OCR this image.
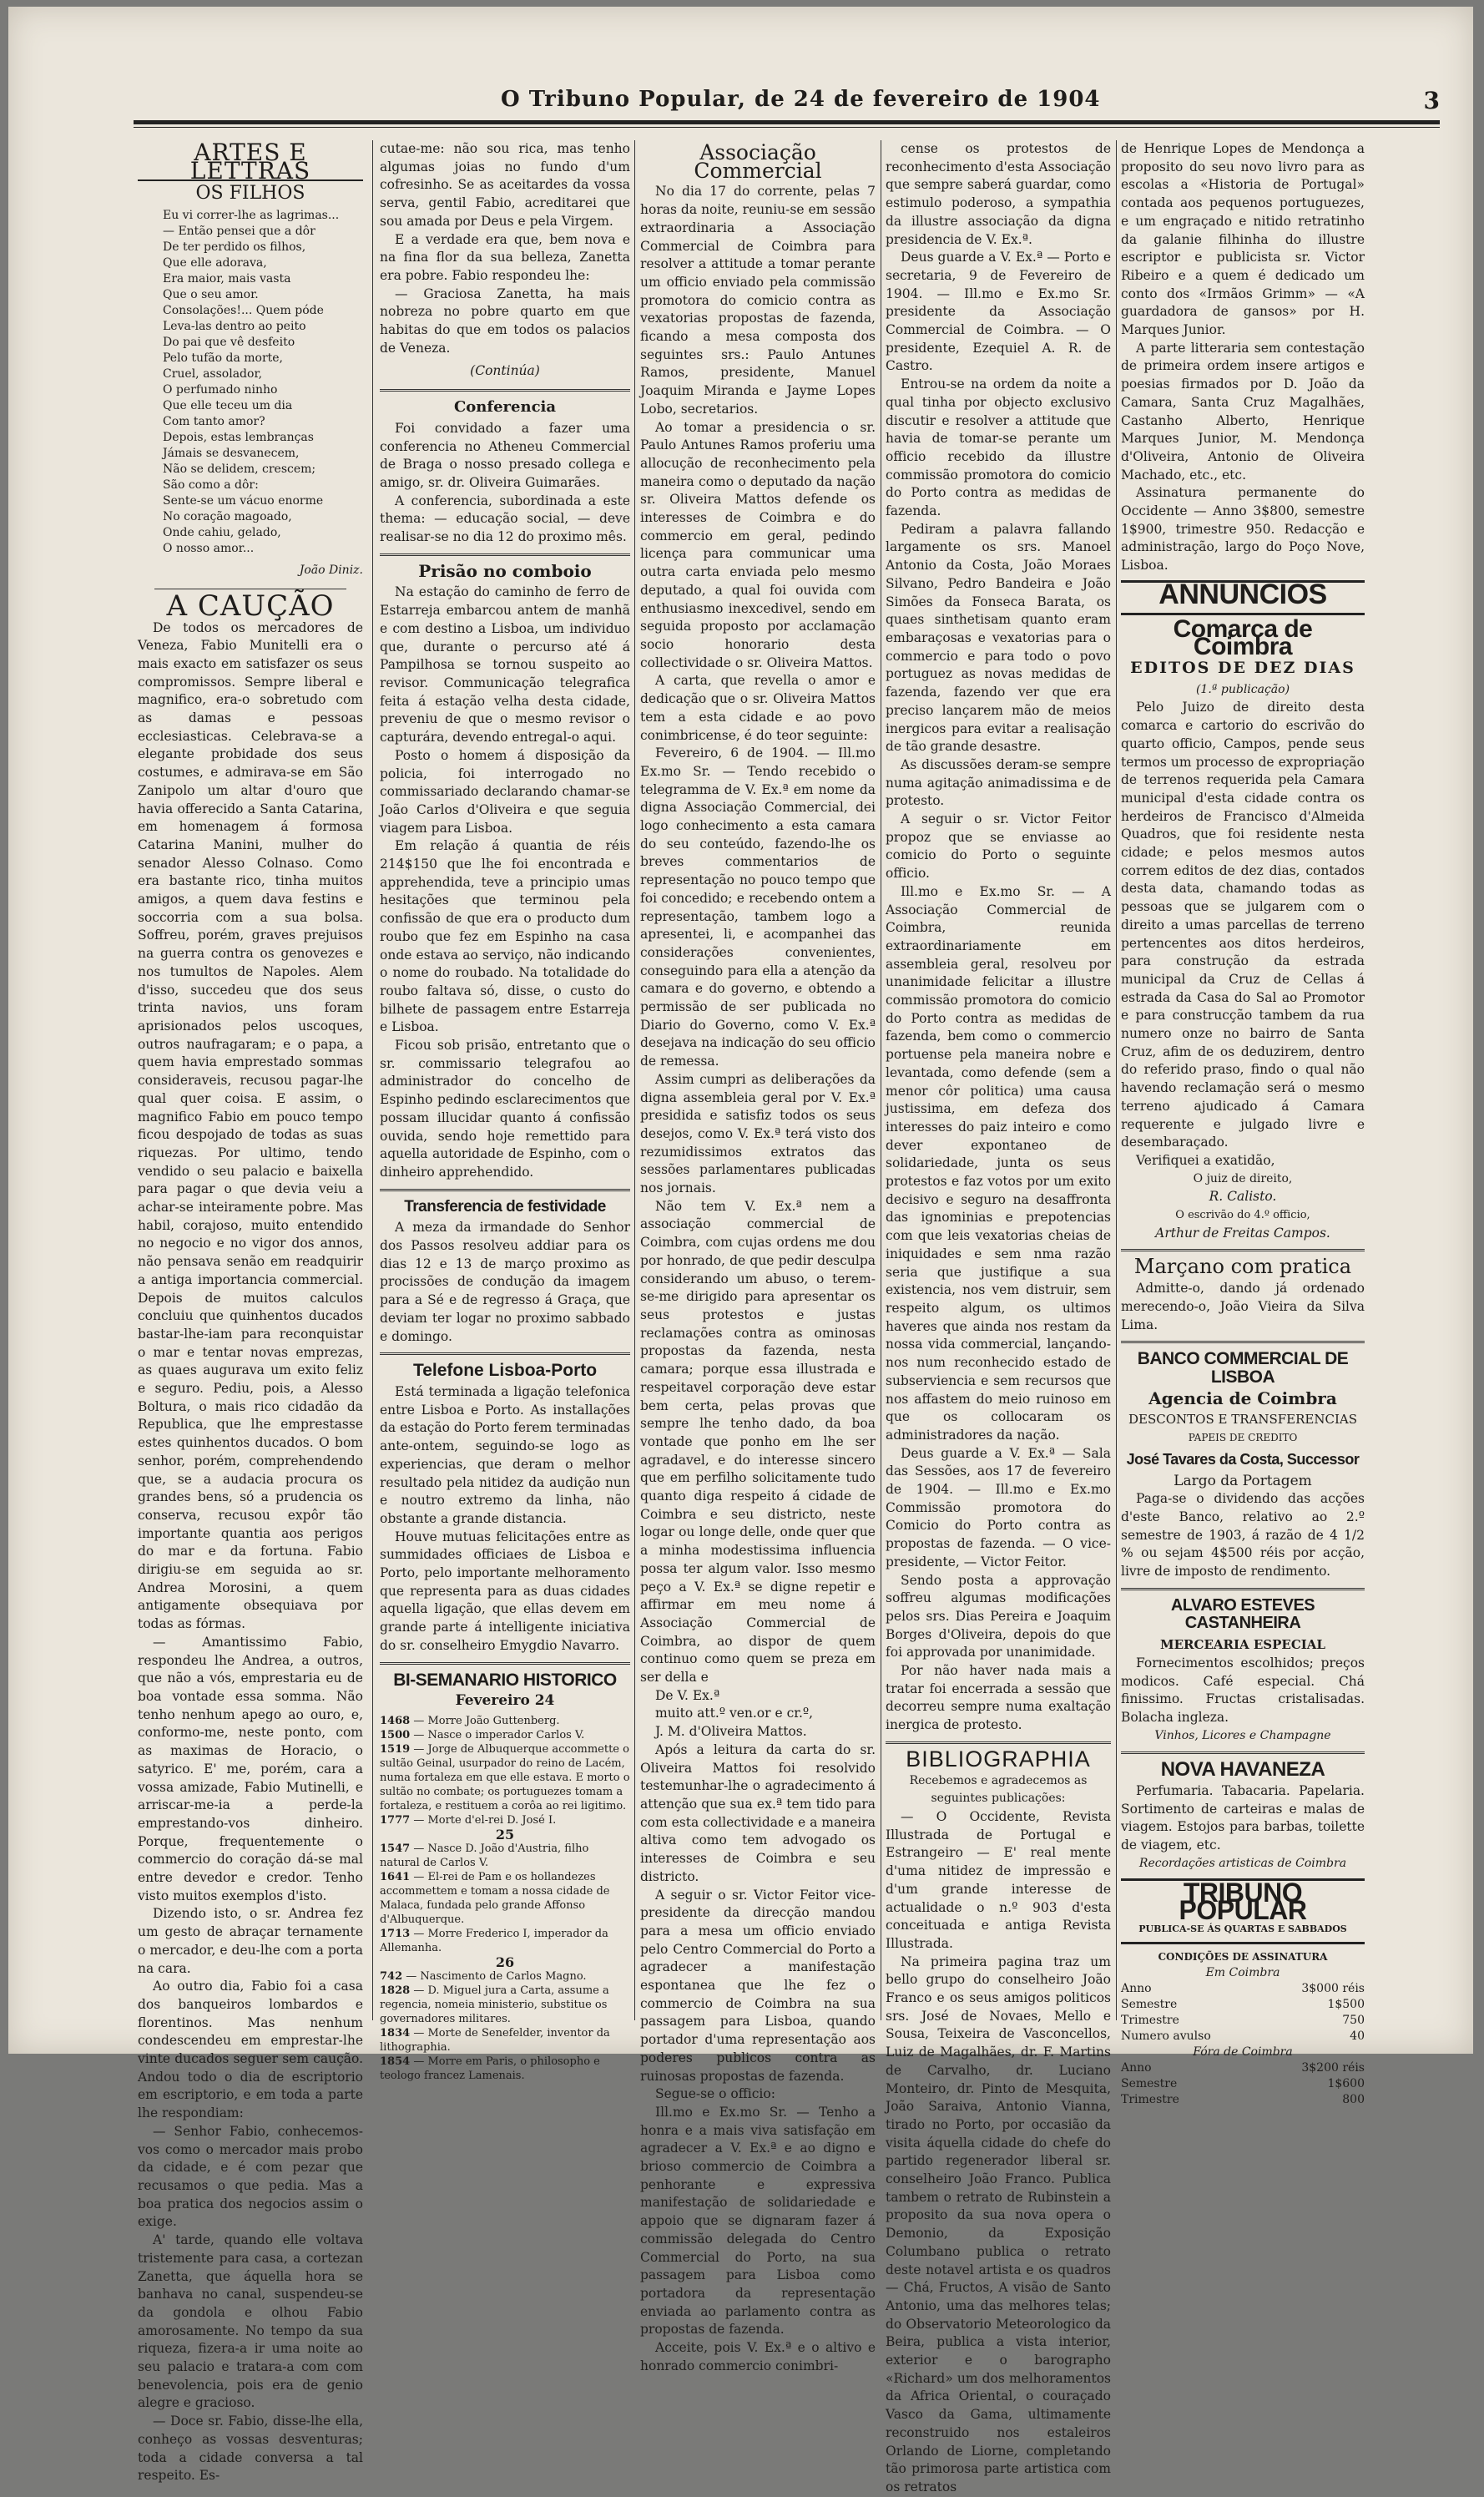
O Tribuno Popular, de 24 de fevereiro de 1904	3
ARTES E LETTRAS
OS FILHOS
Eu vi correr-lhe as lagrimas...
— Então pensei que a dôr
De ter perdido os filhos,
Que elle adorava,
Era maior, mais vasta
Que o seu amor.
Consolações!... Quem póde
Leva-las dentro ao peito
Do pai que vê desfeito
Pelo tufão da morte,
Cruel, assolador,
O perfumado ninho
Que elle teceu um dia
Com tanto amor?
Depois, estas lembranças
Jámais se desvanecem,
Não se delidem, crescem;
São como a dôr:
Sente-se um vácuo enorme
No coração magoado,
Onde cahiu, gelado,
O nosso amor...
João Diniz.
A CAUÇÃO

De todos os mercadores de Veneza, Fabio Munitelli era o mais exacto em satisfazer os seus compromissos. Sempre liberal e magnifico, era-o sobretudo com as damas e pessoas ecclesiasticas. Celebrava-se a elegante probidade dos seus costumes, e admirava-se em São Zanipolo um altar d'ouro que havia offerecido a Santa Catarina, em homenagem á formosa Catarina Manini, mulher do senador Alesso Colnaso. Como era bastante rico, tinha muitos amigos, a quem dava festins e soccorria com a sua bolsa. Soffreu, porém, graves prejuisos na guerra contra os genovezes e nos tumultos de Napoles. Alem d'isso, succedeu que dos seus trinta navios, uns foram aprisionados pelos uscoques, outros naufragaram; e o papa, a quem havia emprestado sommas consideraveis, recusou pagar-lhe qual quer coisa. E assim, o magnifico Fabio em pouco tempo ficou despojado de todas as suas riquezas. Por ultimo, tendo vendido o seu palacio e baixella para pagar o que devia veiu a achar-se inteiramente pobre. Mas habil, corajoso, muito entendido no negocio e no vigor dos annos, não pensava senão em readquirir a antiga importancia commercial. Depois de muitos calculos concluiu que quinhentos ducados bastar-lhe-iam para reconquistar o mar e tentar novas emprezas, as quaes augurava um exito feliz e seguro. Pediu, pois, a Alesso Boltura, o mais rico cidadão da Republica, que lhe emprestasse estes quinhentos ducados. O bom senhor, porém, comprehendendo que, se a audacia procura os grandes bens, só a prudencia os conserva, recusou expôr tão importante quantia aos perigos do mar e da fortuna. Fabio dirigiu-se em seguida ao sr. Andrea Morosini, a quem antigamente obsequiava por todas as fórmas.

— Amantissimo Fabio, respondeu lhe Andrea, a outros, que não a vós, emprestaria eu de boa vontade essa somma. Não tenho nenhum apego ao ouro, e, conformo-me, neste ponto, com as maximas de Horacio, o satyrico. E' me, porém, cara a vossa amizade, Fabio Mutinelli, e arriscar-me-ia a perde-la emprestando-vos dinheiro. Porque, frequentemente o commercio do coração dá-se mal entre devedor e credor. Tenho visto muitos exemplos d'isto.

Dizendo isto, o sr. Andrea fez um gesto de abraçar ternamente o mercador, e deu-lhe com a porta na cara.

Ao outro dia, Fabio foi a casa dos banqueiros lombardos e florentinos. Mas nenhum condescendeu em emprestar-lhe vinte ducados seguer sem caução. Andou todo o dia de escriptorio em escriptorio, e em toda a parte lhe respondiam:

— Senhor Fabio, conhecemos-vos como o mercador mais probo da cidade, e é com pezar que recusamos o que pedia. Mas a boa pratica dos negocios assim o exige.

A' tarde, quando elle voltava tristemente para casa, a cortezan Zanetta, que áquella hora se banhava no canal, suspendeu-se da gondola e olhou Fabio amorosamente. No tempo da sua riqueza, fizera-a ir uma noite ao seu palacio e tratara-a com com benevolencia, pois era de genio alegre e gracioso.

— Doce sr. Fabio, disse-lhe ella, conheço as vossas desventuras; toda a cidade conversa a tal respeito. Es-

cutae-me: não sou rica, mas tenho algumas joias no fundo d'um cofresinho. Se as aceitardes da vossa serva, gentil Fabio, acreditarei que sou amada por Deus e pela Virgem.

E a verdade era que, bem nova e na fina flor da sua belleza, Zanetta era pobre. Fabio respondeu lhe:

— Graciosa Zanetta, ha mais nobreza no pobre quarto em que habitas do que em todos os palacios de Veneza.

(Continúa)
Conferencia

Foi convidado a fazer uma conferencia no Atheneu Commercial de Braga o nosso presado collega e amigo, sr. dr. Oliveira Guimarães.

A conferencia, subordinada a este thema: — educação social, — deve realisar-se no dia 12 do proximo mês.

Prisão no comboio

Na estação do caminho de ferro de Estarreja embarcou antem de manhã e com destino a Lisboa, um individuo que, durante o percurso até á Pampilhosa se tornou suspeito ao revisor. Communicação telegrafica feita á estação velha desta cidade, preveniu de que o mesmo revisor o capturára, devendo entregal-o aqui.

Posto o homem á disposição da policia, foi interrogado no commissariado declarando chamar-se João Carlos d'Oliveira e que seguia viagem para Lisboa.

Em relação á quantia de réis 214$150 que lhe foi encontrada e apprehendida, teve a principio umas hesitações que terminou pela confissão de que era o producto dum roubo que fez em Espinho na casa onde estava ao serviço, não indicando o nome do roubado. Na totalidade do roubo faltava só, disse, o custo do bilhete de passagem entre Estarreja e Lisboa.

Ficou sob prisão, entretanto que o sr. commissario telegrafou ao administrador do concelho de Espinho pedindo esclarecimentos que possam illucidar quanto á confissão ouvida, sendo hoje remettido para aquella autoridade de Espinho, com o dinheiro apprehendido.

Transferencia de festividade

A meza da irmandade do Senhor dos Passos resolveu addiar para os dias 12 e 13 de março proximo as procissões de condução da imagem para a Sé e de regresso á Graça, que deviam ter logar no proximo sabbado e domingo.

Telefone Lisboa-Porto

Está terminada a ligação telefonica entre Lisboa e Porto. As installações da estação do Porto ferem terminadas ante-ontem, seguindo-se logo as experiencias, que deram o melhor resultado pela nitidez da audição nun e noutro extremo da linha, não obstante a grande distancia.

Houve mutuas felicitações entre as summidades officiaes de Lisboa e Porto, pelo importante melhoramento que representa para as duas cidades aquella ligação, que ellas devem em grande parte á intelligente iniciativa do sr. conselheiro Emygdio Navarro.

BI-SEMANARIO HISTORICO
Fevereiro 24
1468 — Morre João Guttenberg.
1500 — Nasce o imperador Carlos V.
1519 — Jorge de Albuquerque accommette o sultão Geinal, usurpador do reino de Lacém, numa fortaleza em que elle estava. E morto o sultão no combate; os portuguezes tomam a fortaleza, e restituem a corôa ao rei ligitimo.
1777 — Morte d'el-rei D. José I.
25
1547 — Nasce D. João d'Austria, filho natural de Carlos V.
1641 — El-rei de Pam e os hollandezes accommettem e tomam a nossa cidade de Malaca, fundada pelo grande Affonso d'Albuquerque.
1713 — Morre Frederico I, imperador da Allemanha.
26
742 — Nascimento de Carlos Magno.
1828 — D. Miguel jura a Carta, assume a regencia, nomeia ministerio, substitue os governadores militares.
1834 — Morte de Senefelder, inventor da lithographia.
1854 — Morre em Paris, o philosopho e teologo francez Lamenais.
Associação Commercial

No dia 17 do corrente, pelas 7 horas da noite, reuniu-se em sessão extraordinaria a Associação Commercial de Coimbra para resolver a attitude a tomar perante um officio enviado pela commissão promotora do comicio contra as vexatorias propostas de fazenda, ficando a mesa composta dos seguintes srs.: Paulo Antunes Ramos, presidente, Manuel Joaquim Miranda e Jayme Lopes Lobo, secretarios.

Ao tomar a presidencia o sr. Paulo Antunes Ramos proferiu uma allocução de reconhecimento pela maneira como o deputado da nação sr. Oliveira Mattos defende os interesses de Coimbra e do commercio em geral, pedindo licença para communicar uma outra carta enviada pelo mesmo deputado, a qual foi ouvida com enthusiasmo inexcedivel, sendo em seguida proposto por acclamação socio honorario desta collectividade o sr. Oliveira Mattos.

A carta, que revella o amor e dedicação que o sr. Oliveira Mattos tem a esta cidade e ao povo conimbricense, é do teor seguinte:

Fevereiro, 6 de 1904. — Ill.mo Ex.mo Sr. — Tendo recebido o telegramma de V. Ex.ª em nome da digna Associação Commercial, dei logo conhecimento a esta camara do seu conteúdo, fazendo-lhe os breves commentarios de representação no pouco tempo que foi concedido; e recebendo ontem a representação, tambem logo a apresentei, li, e acompanhei das considerações convenientes, conseguindo para ella a atenção da camara e do governo, e obtendo a permissão de ser publicada no Diario do Governo, como V. Ex.ª desejava na indicação do seu officio de remessa.

Assim cumpri as deliberações da digna assembleia geral por V. Ex.ª presidida e satisfiz todos os seus desejos, como V. Ex.ª terá visto dos rezumidissimos extratos das sessões parlamentares publicadas nos jornais.

Não tem V. Ex.ª nem a associação commercial de Coimbra, com cujas ordens me dou por honrado, de que pedir desculpa considerando um abuso, o terem-se-me dirigido para apresentar os seus protestos e justas reclamações contra as ominosas propostas da fazenda, nesta camara; porque essa illustrada e respeitavel corporação deve estar bem certa, pelas provas que sempre lhe tenho dado, da boa vontade que ponho em lhe ser agradavel, e do interesse sincero que em perfilho solicitamente tudo quanto diga respeito á cidade de Coimbra e seu districto, neste logar ou longe delle, onde quer que a minha modestissima influencia possa ter algum valor. Isso mesmo peço a V. Ex.ª se digne repetir e affirmar em meu nome á Associação Commercial de Coimbra, ao dispor de quem continuo como quem se preza em ser della e

De V. Ex.ª

muito att.º ven.or e cr.º,

J. M. d'Oliveira Mattos.

Após a leitura da carta do sr. Oliveira Mattos foi resolvido testemunhar-lhe o agradecimento á attenção que sua ex.ª tem tido para com esta collectividade e a maneira altiva como tem advogado os interesses de Coimbra e seu districto.

A seguir o sr. Victor Feitor vice-presidente da direcção mandou para a mesa um officio enviado pelo Centro Commercial do Porto a agradecer a manifestação espontanea que lhe fez o commercio de Coimbra na sua passagem para Lisboa, quando portador d'uma representação aos poderes publicos contra as ruinosas propostas de fazenda.

Segue-se o officio:

Ill.mo e Ex.mo Sr. — Tenho a honra e a mais viva satisfação em agradecer a V. Ex.ª e ao digno e brioso commercio de Coimbra a penhorante e expressiva manifestação de solidariedade e appoio que se dignaram fazer á commissão delegada do Centro Commercial do Porto, na sua passagem para Lisboa como portadora da representação enviada ao parlamento contra as propostas de fazenda.

Acceite, pois V. Ex.ª e o altivo e honrado commercio conimbri-

cense os protestos de reconhecimento d'esta Associação que sempre saberá guardar, como estimulo poderoso, a sympathia da illustre associação da digna presidencia de V. Ex.ª.

Deus guarde a V. Ex.ª — Porto e secretaria, 9 de Fevereiro de 1904. — Ill.mo e Ex.mo Sr. presidente da Associação Commercial de Coimbra. — O presidente, Ezequiel A. R. de Castro.

Entrou-se na ordem da noite a qual tinha por objecto exclusivo discutir e resolver a attitude que havia de tomar-se perante um officio recebido da illustre commissão promotora do comicio do Porto contra as medidas de fazenda.

Pediram a palavra fallando largamente os srs. Manoel Antonio da Costa, João Moraes Silvano, Pedro Bandeira e João Simões da Fonseca Barata, os quaes sinthetisam quanto eram embaraçosas e vexatorias para o commercio e para todo o povo portuguez as novas medidas de fazenda, fazendo ver que era preciso lançarem mão de meios inergicos para evitar a realisação de tão grande desastre.

As discussões deram-se sempre numa agitação animadissima e de protesto.

A seguir o sr. Victor Feitor propoz que se enviasse ao comicio do Porto o seguinte officio.

Ill.mo e Ex.mo Sr. — A Associação Commercial de Coimbra, reunida extraordinariamente em assembleia geral, resolveu por unanimidade felicitar a illustre commissão promotora do comicio do Porto contra as medidas de fazenda, bem como o commercio portuense pela maneira nobre e levantada, como defende (sem a menor côr politica) uma causa justissima, em defeza dos interesses do paiz inteiro e como dever expontaneo de solidariedade, junta os seus protestos e faz votos por um exito decisivo e seguro na desaffronta das ignominias e prepotencias com que leis vexatorias cheias de iniquidades e sem nma razão seria que justifique a sua existencia, nos vem distruir, sem respeito algum, os ultimos haveres que ainda nos restam da nossa vida commercial, lançando-nos num reconhecido estado de subserviencia e sem recursos que nos affastem do meio ruinoso em que os collocaram os administradores da nação.

Deus guarde a V. Ex.ª — Sala das Sessões, aos 17 de fevereiro de 1904. — Ill.mo e Ex.mo Commissão promotora do Comicio do Porto contra as propostas de fazenda. — O vice-presidente, — Victor Feitor.

Sendo posta a approvação soffreu algumas modificações pelos srs. Dias Pereira e Joaquim Borges d'Oliveira, depois do que foi approvada por unanimidade.

Por não haver nada mais a tratar foi encerrada a sessão que decorreu sempre numa exaltação inergica de protesto.

BIBLIOGRAPHIA

Recebemos e agradecemos as seguintes publicações:

— O Occidente, Revista Illustrada de Portugal e Estrangeiro — E' real mente d'uma nitidez de impressão e d'um grande interesse de actualidade o n.º 903 d'esta conceituada e antiga Revista Illustrada.

Na primeira pagina traz um bello grupo do conselheiro João Franco e os seus amigos politicos srs. José de Novaes, Mello e Sousa, Teixeira de Vasconcellos, Luiz de Magalhães, dr. F. Martins de Carvalho, dr. Luciano Monteiro, dr. Pinto de Mesquita, João Saraiva, Antonio Vianna, tirado no Porto, por occasião da visita áquella cidade do chefe do partido regenerador liberal sr. conselheiro João Franco. Publica tambem o retrato de Rubinstein a proposito da sua nova opera o Demonio, da Exposição Columbano publica o retrato deste notavel artista e os quadros — Chá, Fructos, A visão de Santo Antonio, uma das melhores telas; do Observatorio Meteorologico da Beira, publica a vista interior, exterior e o barographo «Richard» um dos melhoramentos da Africa Oriental, o couraçado Vasco da Gama, ultimamente reconstruido nos estaleiros Orlando de Liorne, completando tão primorosa parte artistica com os retratos

de Henrique Lopes de Mendonça a proposito do seu novo livro para as escolas a «Historia de Portugal» contada aos pequenos portuguezes, e um engraçado e nitido retratinho da galanie filhinha do illustre escriptor e publicista sr. Victor Ribeiro e a quem é dedicado um conto dos «Irmãos Grimm» — «A guardadora de gansos» por H. Marques Junior.

A parte litteraria sem contestação de primeira ordem insere artigos e poesias firmados por D. João da Camara, Santa Cruz Magalhães, Castanho Alberto, Henrique Marques Junior, M. Mendonça d'Oliveira, Antonio de Oliveira Machado, etc., etc.

Assinatura permanente do Occidente — Anno 3$800, semestre 1$900, trimestre 950. Redacção e administração, largo do Poço Nove, Lisboa.

ANNUNCIOS
Comarca de Coimbra
EDITOS DE DEZ DIAS
(1.ª publicação)

Pelo Juizo de direito desta comarca e cartorio do escrivão do quarto officio, Campos, pende seus termos um processo de expropriação de terrenos requerida pela Camara municipal d'esta cidade contra os herdeiros de Francisco d'Almeida Quadros, que foi residente nesta cidade; e pelos mesmos autos correm editos de dez dias, contados desta data, chamando todas as pessoas que se julgarem com o direito a umas parcellas de terreno pertencentes aos ditos herdeiros, para construção da estrada municipal da Cruz de Cellas á estrada da Casa do Sal ao Promotor e para construcção tambem da rua numero onze no bairro de Santa Cruz, afim de os deduzirem, dentro do referido praso, findo o qual não havendo reclamação será o mesmo terreno ajudicado á Camara requerente e julgado livre e desembaraçado.

Verifiquei a exatidão,

O juiz de direito,
R. Calisto.
O escrivão do 4.º officio,
Arthur de Freitas Campos.
Marçano com pratica

Admitte-o, dando já ordenado merecendo-o, João Vieira da Silva Lima.

BANCO COMMERCIAL DE LISBOA
Agencia de Coimbra
DESCONTOS E TRANSFERENCIAS
PAPEIS DE CREDITO
José Tavares da Costa, Successor
Largo da Portagem

Paga-se o dividendo das acções d'este Banco, relativo ao 2.º semestre de 1903, á razão de 4 1/2 % ou sejam 4$500 réis por acção, livre de imposto de rendimento.

ALVARO ESTEVES CASTANHEIRA
MERCEARIA ESPECIAL

Fornecimentos escolhidos; preços modicos. Café especial. Chá finissimo. Fructas cristalisadas. Bolacha ingleza.

Vinhos, Licores e Champagne
NOVA HAVANEZA

Perfumaria. Tabacaria. Papelaria. Sortimento de carteiras e malas de viagem. Estojos para barbas, toilette de viagem, etc.

Recordações artisticas de Coimbra
TRIBUNO POPULAR
PUBLICA-SE ÁS QUARTAS E SABBADOS
CONDIÇÕES DE ASSINATURA
Em Coimbra
Anno	3$000 réis
Semestre	1$500
Trimestre	750
Numero avulso	40
Fóra de Coimbra
Anno	3$200 réis
Semestre	1$600
Trimestre	800
